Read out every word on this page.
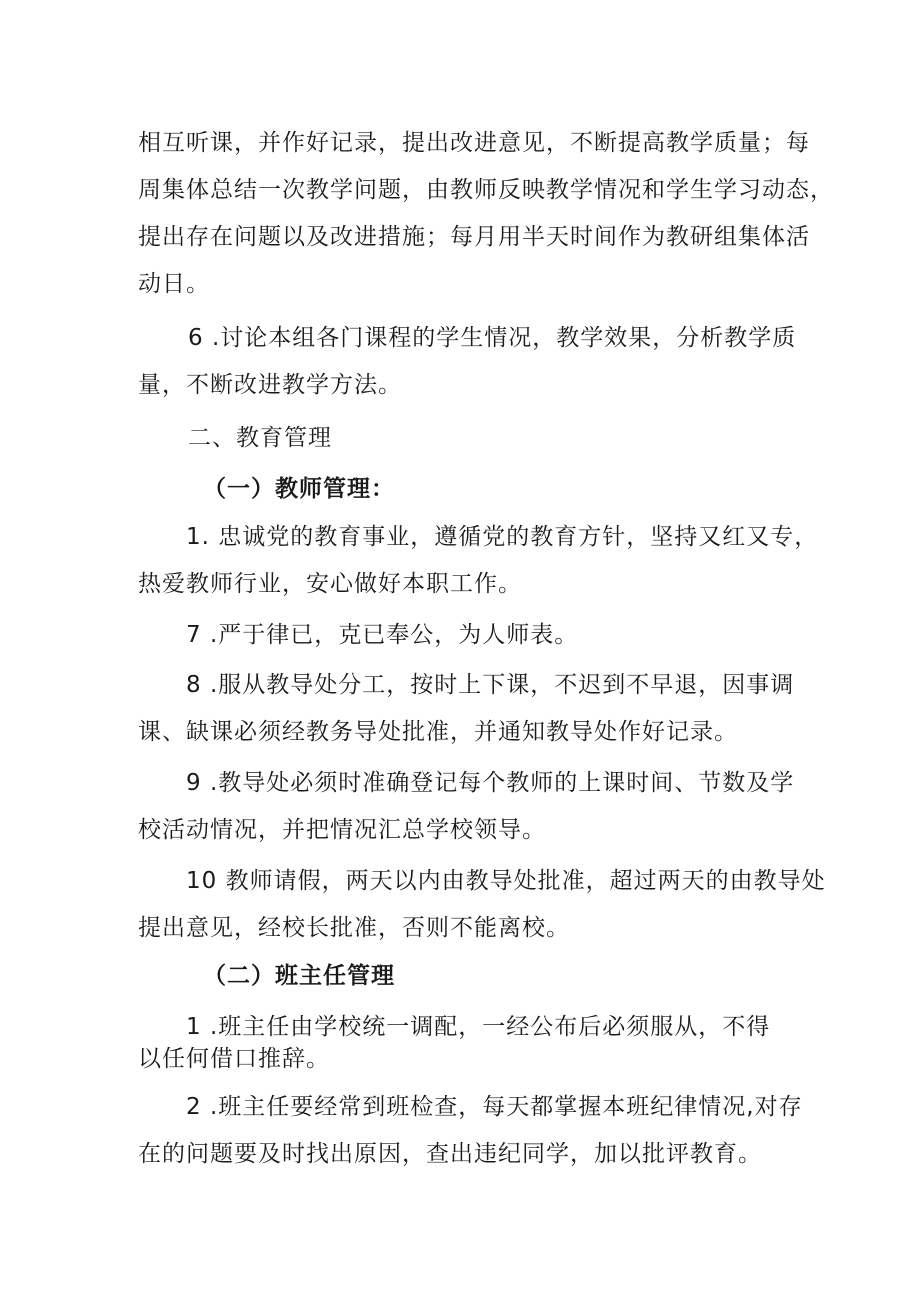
相互听课，并作好记录，提出改进意见，不断提高教学质量；每

周集体总结一次教学问题，由教师反映教学情况和学生学习动态，

提出存在问题以及改进措施；每月用半天时间作为教研组集体活

动日。

6 .讨论本组各门课程的学生情况，教学效果，分析教学质

量，不断改进教学方法。

二、教育管理

（一）教师管理：

1. 忠诚党的教育事业，遵循党的教育方针，坚持又红又专，

热爱教师行业，安心做好本职工作。

7 .严于律已，克已奉公，为人师表。

8 .服从教导处分工，按时上下课，不迟到不早退，因事调

课、缺课必须经教务导处批准，并通知教导处作好记录。

9 .教导处必须时准确登记每个教师的上课时间、节数及学

校活动情况，并把情况汇总学校领导。

10 教师请假，两天以内由教导处批准，超过两天的由教导处

提出意见，经校长批准，否则不能离校。

（二）班主任管理

1 .班主任由学校统一调配，一经公布后必须服从，不得

以任何借口推辞。

2 .班主任要经常到班检查，每天都掌握本班纪律情况,对存

在的问题要及时找出原因，查出违纪同学，加以批评教育。
